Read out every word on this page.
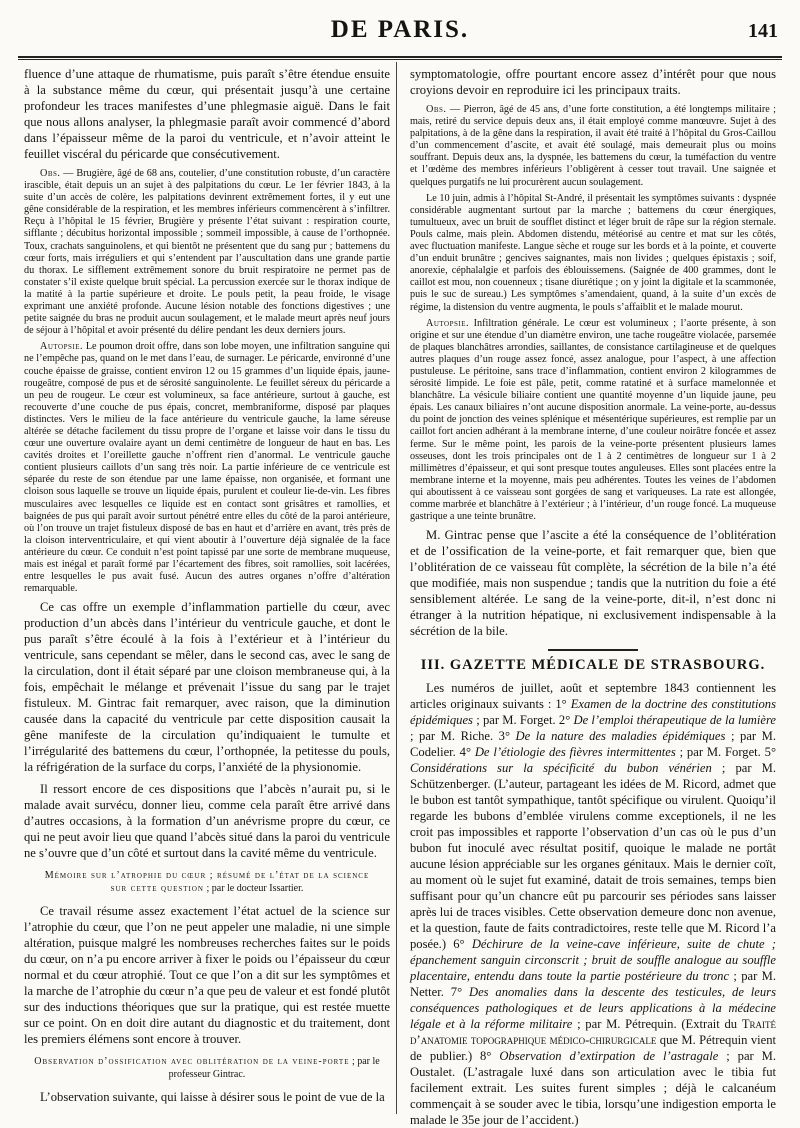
DE PARIS.	141

fluence d’une attaque de rhumatisme, puis paraît s’être étendue ensuite à la substance même du cœur, qui présentait jusqu’à une certaine profondeur les traces manifestes d’une phlegmasie aiguë. Dans le fait que nous allons analyser, la phlegmasie paraît avoir commencé d’abord dans l’épaisseur même de la paroi du ventricule, et n’avoir atteint le feuillet viscéral du péricarde que consécutivement.

Obs. — Brugière, âgé de 68 ans, coutelier, d’une constitution robuste, d’un caractère irascible, était depuis un an sujet à des palpitations du cœur. Le 1er février 1843, à la suite d’un accès de colère, les palpitations devinrent extrêmement fortes, il y eut une gêne considérable de la respiration, et les membres inférieurs commencèrent à s’infiltrer. Reçu à l’hôpital le 15 février, Brugière y présente l’état suivant : respiration courte, sifflante ; décubitus horizontal impossible ; sommeil impossible, à cause de l’orthopnée. Toux, crachats sanguinolens, et qui bientôt ne présentent que du sang pur ; battemens du cœur forts, mais irréguliers et qui s’entendent par l’auscultation dans une grande partie du thorax. Le sifflement extrêmement sonore du bruit respiratoire ne permet pas de constater s’il existe quelque bruit spécial. La percussion exercée sur le thorax indique de la matité à la partie supérieure et droite. Le pouls petit, la peau froide, le visage exprimant une anxiété profonde. Aucune lésion notable des fonctions digestives ; une petite saignée du bras ne produit aucun soulagement, et le malade meurt après neuf jours de séjour à l’hôpital et avoir présenté du délire pendant les deux derniers jours.

Autopsie. Le poumon droit offre, dans son lobe moyen, une infiltration sanguine qui ne l’empêche pas, quand on le met dans l’eau, de surnager. Le péricarde, environné d’une couche épaisse de graisse, contient environ 12 ou 15 grammes d’un liquide épais, jaune-rougeâtre, composé de pus et de sérosité sanguinolente. Le feuillet séreux du péricarde a un peu de rougeur. Le cœur est volumineux, sa face antérieure, surtout à gauche, est recouverte d’une couche de pus épais, concret, membraniforme, disposé par plaques distinctes. Vers le milieu de la face antérieure du ventricule gauche, la lame séreuse altérée se détache facilement du tissu propre de l’organe et laisse voir dans le tissu du cœur une ouverture ovalaire ayant un demi centimètre de longueur de haut en bas. Les cavités droites et l’oreillette gauche n’offrent rien d’anormal. Le ventricule gauche contient plusieurs caillots d’un sang très noir. La partie inférieure de ce ventricule est séparée du reste de son étendue par une lame épaisse, non organisée, et formant une cloison sous laquelle se trouve un liquide épais, purulent et couleur lie-de-vin. Les fibres musculaires avec lesquelles ce liquide est en contact sont grisâtres et ramollies, et baignées de pus qui paraît avoir surtout pénétré entre elles du côté de la paroi antérieure, où l’on trouve un trajet fistuleux disposé de bas en haut et d’arrière en avant, très près de la cloison interventriculaire, et qui vient aboutir à l’ouverture déjà signalée de la face antérieure du cœur. Ce conduit n’est point tapissé par une sorte de membrane muqueuse, mais est inégal et paraît formé par l’écartement des fibres, soit ramollies, soit lacérées, entre lesquelles le pus avait fusé. Aucun des autres organes n’offre d’altération remarquable.

Ce cas offre un exemple d’inflammation partielle du cœur, avec production d’un abcès dans l’intérieur du ventricule gauche, et dont le pus paraît s’être écoulé à la fois à l’extérieur et à l’intérieur du ventricule, sans cependant se mêler, dans le second cas, avec le sang de la circulation, dont il était séparé par une cloison membraneuse qui, à la fois, empêchait le mélange et prévenait l’issue du sang par le trajet fistuleux. M. Gintrac fait remarquer, avec raison, que la diminution causée dans la capacité du ventricule par cette disposition causait la gêne manifeste de la circulation qu’indiquaient le tumulte et l’irrégularité des battemens du cœur, l’orthopnée, la petitesse du pouls, la réfrigération de la surface du corps, l’anxiété de la physionomie.

Il ressort encore de ces dispositions que l’abcès n’aurait pu, si le malade avait survécu, donner lieu, comme cela paraît être arrivé dans d’autres occasions, à la formation d’un anévrisme propre du cœur, ce qui ne peut avoir lieu que quand l’abcès situé dans la paroi du ventricule ne s’ouvre que d’un côté et surtout dans la cavité même du ventricule.

Mémoire sur l’atrophie du cœur ; résumé de l’état de la science
sur cette question ; par le docteur Issartier.

Ce travail résume assez exactement l’état actuel de la science sur l’atrophie du cœur, que l’on ne peut appeler une maladie, ni une simple altération, puisque malgré les nombreuses recherches faites sur le poids du cœur, on n’a pu encore arriver à fixer le poids ou l’épaisseur du cœur normal et du cœur atrophié. Tout ce que l’on a dit sur les symptômes et la marche de l’atrophie du cœur n’a que peu de valeur et est fondé plutôt sur des inductions théoriques que sur la pratique, qui est restée muette sur ce point. On en doit dire autant du diagnostic et du traitement, dont les premiers élémens sont encore à trouver.

Observation d’ossification avec oblitération de la veine-porte ; par le professeur Gintrac.

L’observation suivante, qui laisse à désirer sous le point de vue de la

symptomatologie, offre pourtant encore assez d’intérêt pour que nous croyions devoir en reproduire ici les principaux traits.

Obs. — Pierron, âgé de 45 ans, d’une forte constitution, a été longtemps militaire ; mais, retiré du service depuis deux ans, il était employé comme manœuvre. Sujet à des palpitations, à de la gêne dans la respiration, il avait été traité à l’hôpital du Gros-Caillou d’un commencement d’ascite, et avait été soulagé, mais demeurait plus ou moins souffrant. Depuis deux ans, la dyspnée, les battemens du cœur, la tuméfaction du ventre et l’œdème des membres inférieurs l’obligèrent à cesser tout travail. Une saignée et quelques purgatifs ne lui procurèrent aucun soulagement.

Le 10 juin, admis à l’hôpital St-André, il présentait les symptômes suivants : dyspnée considérable augmentant surtout par la marche ; battemens du cœur énergiques, tumultueux, avec un bruit de soufflet distinct et léger bruit de râpe sur la région sternale. Pouls calme, mais plein. Abdomen distendu, météorisé au centre et mat sur les côtés, avec fluctuation manifeste. Langue sèche et rouge sur les bords et à la pointe, et couverte d’un enduit brunâtre ; gencives saignantes, mais non livides ; quelques épistaxis ; soif, anorexie, céphalalgie et parfois des éblouissemens. (Saignée de 400 grammes, dont le caillot est mou, non couenneux ; tisane diurétique ; on y joint la digitale et la scammonée, puis le suc de sureau.) Les symptômes s’amendaient, quand, à la suite d’un excès de régime, la distension du ventre augmenta, le pouls s’affaiblit et le malade mourut.

Autopsie. Infiltration générale. Le cœur est volumineux ; l’aorte présente, à son origine et sur une étendue d’un diamètre environ, une tache rougeâtre violacée, parsemée de plaques blanchâtres arrondies, saillantes, de consistance cartilagineuse et de quelques autres plaques d’un rouge assez foncé, assez analogue, pour l’aspect, à une affection pustuleuse. Le péritoine, sans trace d’inflammation, contient environ 2 kilogrammes de sérosité limpide. Le foie est pâle, petit, comme ratatiné et à surface mamelonnée et blanchâtre. La vésicule biliaire contient une quantité moyenne d’un liquide jaune, peu épais. Les canaux biliaires n’ont aucune disposition anormale. La veine-porte, au-dessus du point de jonction des veines splénique et mésentérique supérieures, est remplie par un caillot fort ancien adhérant à la membrane interne, d’une couleur noirâtre foncée et assez ferme. Sur le même point, les parois de la veine-porte présentent plusieurs lames osseuses, dont les trois principales ont de 1 à 2 centimètres de longueur sur 1 à 2 millimètres d’épaisseur, et qui sont presque toutes anguleuses. Elles sont placées entre la membrane interne et la moyenne, mais peu adhérentes. Toutes les veines de l’abdomen qui aboutissent à ce vaisseau sont gorgées de sang et variqueuses. La rate est allongée, comme marbrée et blanchâtre à l’extérieur ; à l’intérieur, d’un rouge foncé. La muqueuse gastrique a une teinte brunâtre.

M. Gintrac pense que l’ascite a été la conséquence de l’oblitération et de l’ossification de la veine-porte, et fait remarquer que, bien que l’oblitération de ce vaisseau fût complète, la sécrétion de la bile n’a été que modifiée, mais non suspendue ; tandis que la nutrition du foie a été sensiblement altérée. Le sang de la veine-porte, dit-il, n’est donc ni étranger à la nutrition hépatique, ni exclusivement indispensable à la sécrétion de la bile.

III. GAZETTE MÉDICALE DE STRASBOURG.

Les numéros de juillet, août et septembre 1843 contiennent les articles originaux suivants : 1° Examen de la doctrine des constitutions épidémiques ; par M. Forget. 2° De l’emploi thérapeutique de la lumière ; par M. Riche. 3° De la nature des maladies épidémiques ; par M. Codelier. 4° De l’étiologie des fièvres intermittentes ; par M. Forget. 5° Considérations sur la spécificité du bubon vénérien ; par M. Schützenberger. (L’auteur, partageant les idées de M. Ricord, admet que le bubon est tantôt sympathique, tantôt spécifique ou virulent. Quoiqu’il regarde les bubons d’emblée virulens comme exceptionels, il ne les croit pas impossibles et rapporte l’observation d’un cas où le pus d’un bubon fut inoculé avec résultat positif, quoique le malade ne portât aucune lésion appréciable sur les organes génitaux. Mais le dernier coït, au moment où le sujet fut examiné, datait de trois semaines, temps bien suffisant pour qu’un chancre eût pu parcourir ses périodes sans laisser après lui de traces visibles. Cette observation demeure donc non avenue, et la question, faute de faits contradictoires, reste telle que M. Ricord l’a posée.) 6° Déchirure de la veine-cave inférieure, suite de chute ; épanchement sanguin circonscrit ; bruit de souffle analogue au souffle placentaire, entendu dans toute la partie postérieure du tronc ; par M. Netter. 7° Des anomalies dans la descente des testicules, de leurs conséquences pathologiques et de leurs applications à la médecine légale et à la réforme militaire ; par M. Pétrequin. (Extrait du Traité d’anatomie topographique médico-chirurgicale que M. Pétrequin vient de publier.) 8° Observation d’extirpation de l’astragale ; par M. Oustalet. (L’astragale luxé dans son articulation avec le tibia fut facilement extrait. Les suites furent simples ; déjà le calcanéum commençait à se souder avec le tibia, lorsqu’une indigestion emporta le malade le 35e jour de l’accident.)
